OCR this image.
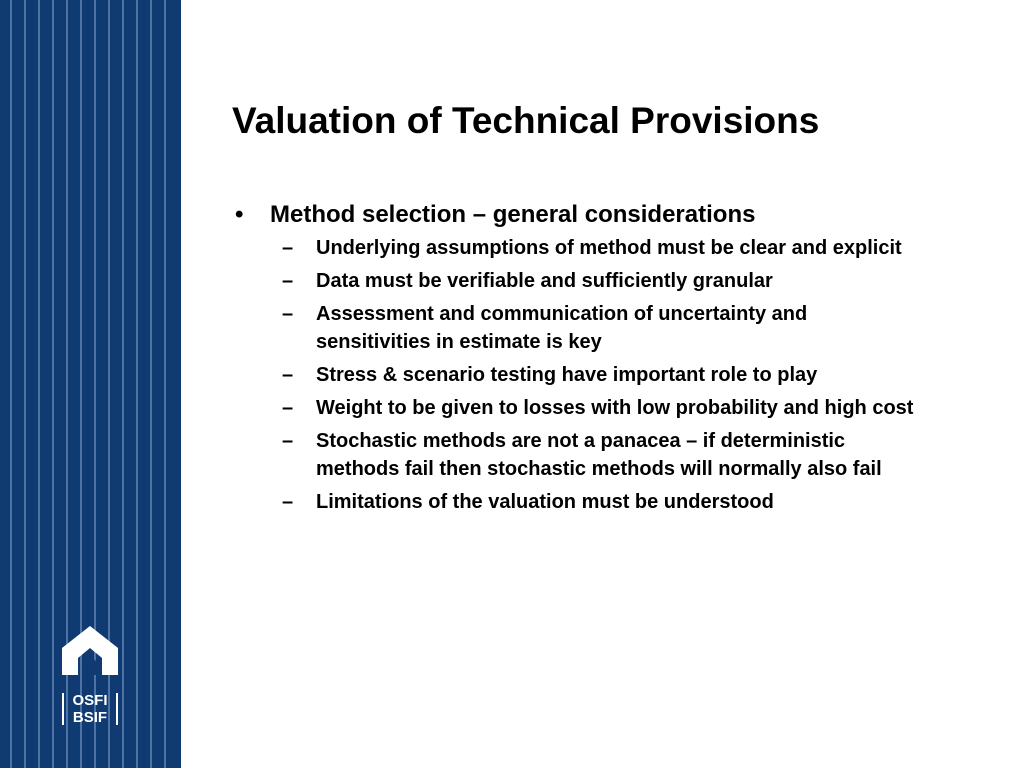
OSFI
BSIF
Valuation of Technical Provisions
• Method selection – general considerations
– Underlying assumptions of method must be clear and explicit
– Data must be verifiable and sufficiently granular
– Assessment and communication of uncertainty and sensitivities in estimate is key
– Stress & scenario testing have important role to play
– Weight to be given to losses with low probability and high cost
– Stochastic methods are not a panacea – if deterministic methods fail then stochastic methods will normally also fail
– Limitations of the valuation must be understood
